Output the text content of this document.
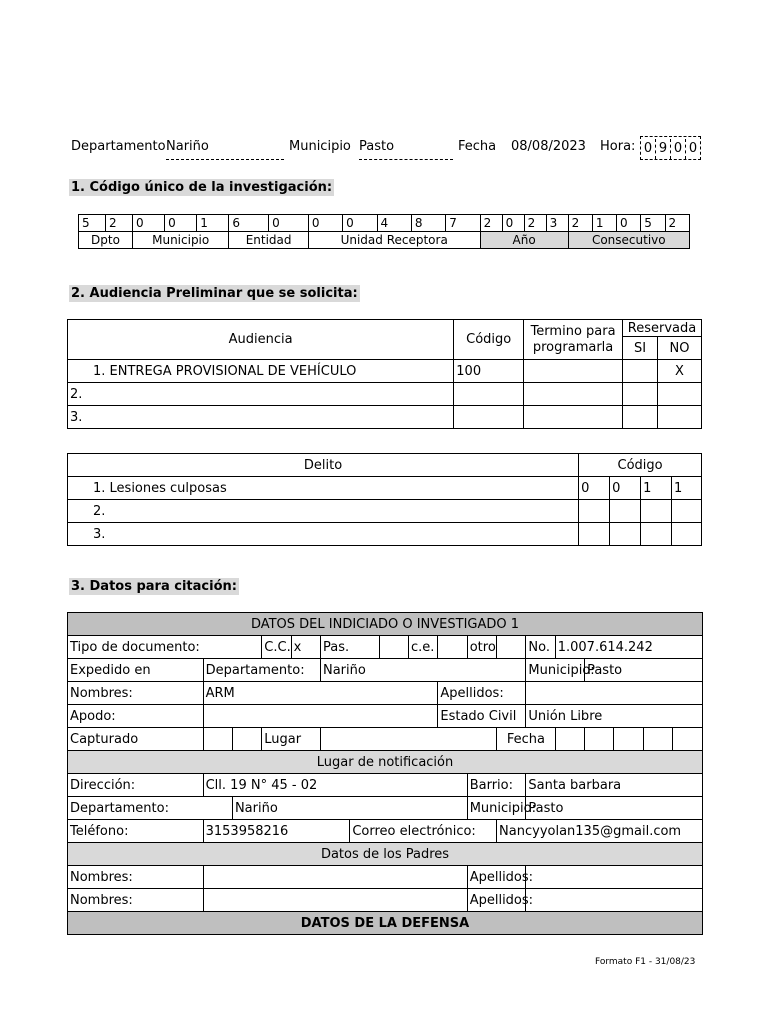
Departamento Nariño	Municipio Pasto	Fecha 08/08/2023 Hora: 0 9 0 0
1. Código único de la investigación:
5	2	0	0	1	6	0	0	0	4	8	7	2	0	2	3	2	1	0	5	2
Dpto		Municipio			Entidad		Unidad Receptora					Año				Consecutivo				
2. Audiencia Preliminar que se solicita:
Audiencia	Código	Termino para programarla	Reservada	
			SI	NO
1. ENTREGA PROVISIONAL DE VEHÍCULO	100			X
2.				
3.				
Delito	Código			
1. Lesiones culposas	0	0	1	1
2.				
3.				
3. Datos para citación:
DATOS DEL INDICIADO O INVESTIGADO 1																	
Tipo de documento:			C.C.	x	Pas.			c.e.		otro		No.	1.007.614.242				
Expedido en	Departamento:				Nariño							Municipio:		Pasto			
Nombres:	ARM								Apellidos:								
Apodo:									Estado Civil			Unión Libre					
Capturado			Lugar								Fecha						
Lugar de notificación																	
Dirección:	Cll. 19 N° 45 - 02									Barrio:		Santa barbara					
Departamento:		Nariño								Municipio:		Pasto					
Teléfono:	3153958216					Correo electrónico:					Nancyyolan135@gmail.com						
Datos de los Padres																	
Nombres:										Apellidos:							
Nombres:										Apellidos:							
DATOS DE LA DEFENSA																	
Formato F1 - 31/08/23
